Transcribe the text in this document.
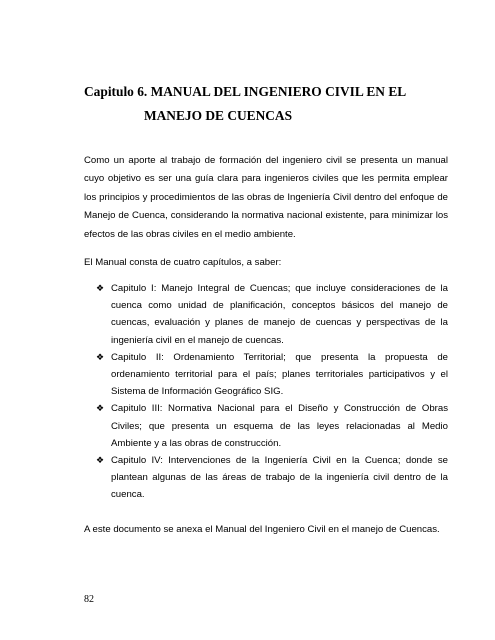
Capitulo 6. MANUAL DEL INGENIERO CIVIL EN EL
MANEJO DE CUENCAS

Como un aporte al trabajo de formación del ingeniero civil se presenta un manual cuyo objetivo es ser una guía clara para ingenieros civiles que les permita emplear los principios y procedimientos de las obras de Ingeniería Civil dentro del enfoque de Manejo de Cuenca, considerando la normativa nacional existente, para minimizar los efectos de las obras civiles en el medio ambiente.

El Manual consta de cuatro capítulos, a saber:

❖ Capitulo I: Manejo Integral de Cuencas; que incluye consideraciones de la cuenca como unidad de planificación, conceptos básicos del manejo de cuencas, evaluación y planes de manejo de cuencas y perspectivas de la ingeniería civil en el manejo de cuencas.
❖ Capitulo II: Ordenamiento Territorial; que presenta la propuesta de ordenamiento territorial para el país; planes territoriales participativos y el Sistema de Información Geográfico SIG.
❖ Capitulo III: Normativa Nacional para el Diseño y Construcción de Obras Civiles; que presenta un esquema de las leyes relacionadas al Medio Ambiente y a las obras de construcción.
❖ Capitulo IV: Intervenciones de la Ingeniería Civil en la Cuenca; donde se plantean algunas de las áreas de trabajo de la ingeniería civil dentro de la cuenca.

A este documento se anexa el Manual del Ingeniero Civil en el manejo de Cuencas.

82
